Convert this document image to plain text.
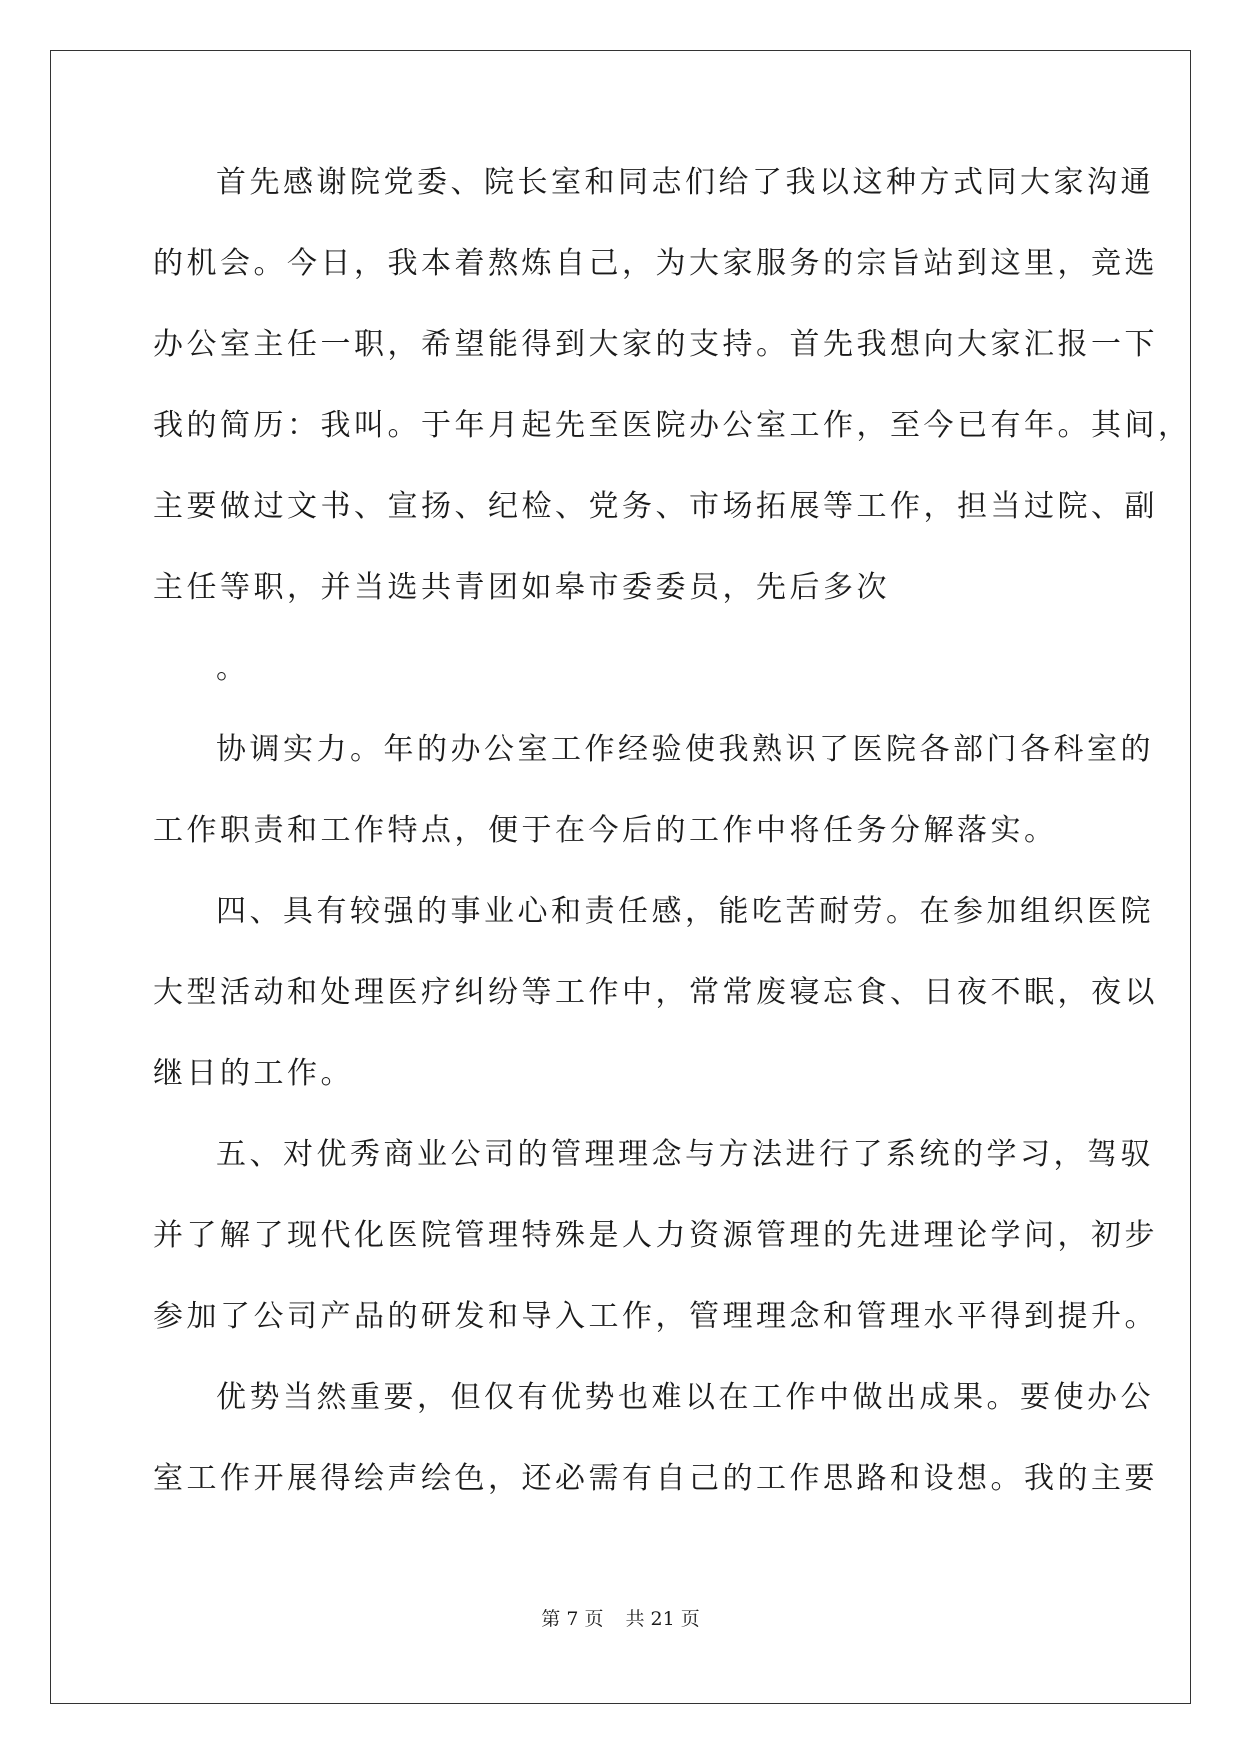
首先感谢院党委、院长室和同志们给了我以这种方式同大家沟通
的机会。今日，我本着熬炼自己，为大家服务的宗旨站到这里，竞选
办公室主任一职，希望能得到大家的支持。首先我想向大家汇报一下
我的简历：我叫。于年月起先至医院办公室工作，至今已有年。其间，
主要做过文书、宣扬、纪检、党务、市场拓展等工作，担当过院、副
主任等职，并当选共青团如皋市委委员，先后多次
。
协调实力。年的办公室工作经验使我熟识了医院各部门各科室的
工作职责和工作特点，便于在今后的工作中将任务分解落实。
四、具有较强的事业心和责任感，能吃苦耐劳。在参加组织医院
大型活动和处理医疗纠纷等工作中，常常废寝忘食、日夜不眠，夜以
继日的工作。
五、对优秀商业公司的管理理念与方法进行了系统的学习，驾驭
并了解了现代化医院管理特殊是人力资源管理的先进理论学问，初步
参加了公司产品的研发和导入工作，管理理念和管理水平得到提升。
优势当然重要，但仅有优势也难以在工作中做出成果。要使办公
室工作开展得绘声绘色，还必需有自己的工作思路和设想。我的主要
第 7 页 共 21 页
